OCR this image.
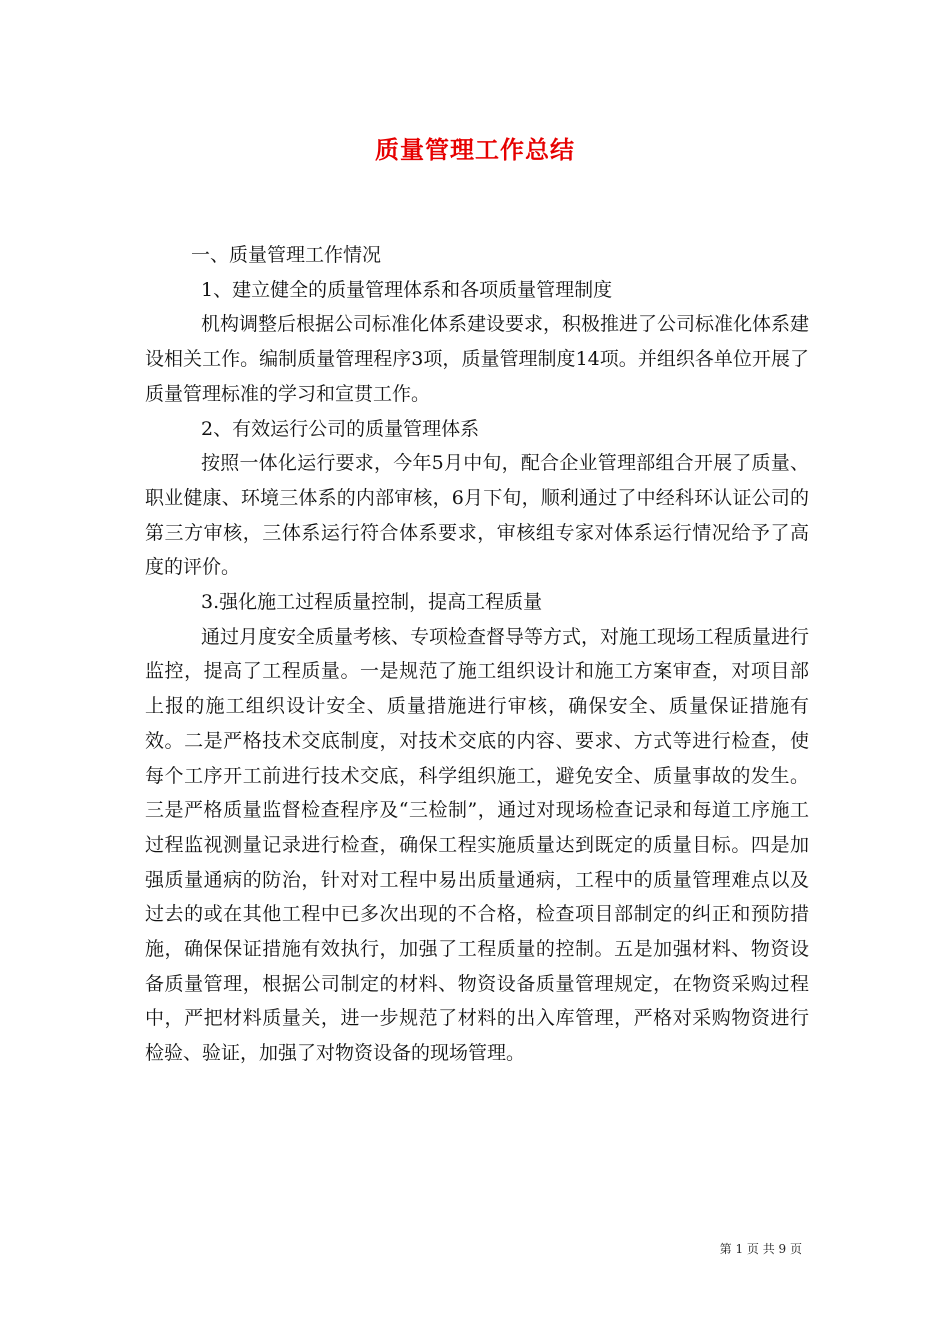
质量管理工作总结

一、质量管理工作情况

1、建立健全的质量管理体系和各项质量管理制度

机构调整后根据公司标准化体系建设要求，积极推进了公司标准化体系建设相关工作。编制质量管理程序3项，质量管理制度14项。并组织各单位开展了质量管理标准的学习和宣贯工作。

2、有效运行公司的质量管理体系

按照一体化运行要求，今年5月中旬，配合企业管理部组合开展了质量、职业健康、环境三体系的内部审核，6月下旬，顺利通过了中经科环认证公司的第三方审核，三体系运行符合体系要求，审核组专家对体系运行情况给予了高度的评价。

3.强化施工过程质量控制，提高工程质量

通过月度安全质量考核、专项检查督导等方式，对施工现场工程质量进行监控，提高了工程质量。一是规范了施工组织设计和施工方案审查，对项目部上报的施工组织设计安全、质量措施进行审核，确保安全、质量保证措施有效。二是严格技术交底制度，对技术交底的内容、要求、方式等进行检查，使每个工序开工前进行技术交底，科学组织施工，避免安全、质量事故的发生。三是严格质量监督检查程序及“三检制”，通过对现场检查记录和每道工序施工过程监视测量记录进行检查，确保工程实施质量达到既定的质量目标。四是加强质量通病的防治，针对对工程中易出质量通病，工程中的质量管理难点以及过去的或在其他工程中已多次出现的不合格，检查项目部制定的纠正和预防措施，确保保证措施有效执行，加强了工程质量的控制。五是加强材料、物资设备质量管理，根据公司制定的材料、物资设备质量管理规定，在物资采购过程中，严把材料质量关，进一步规范了材料的出入库管理，严格对采购物资进行检验、验证，加强了对物资设备的现场管理。

第 1 页 共 9 页
